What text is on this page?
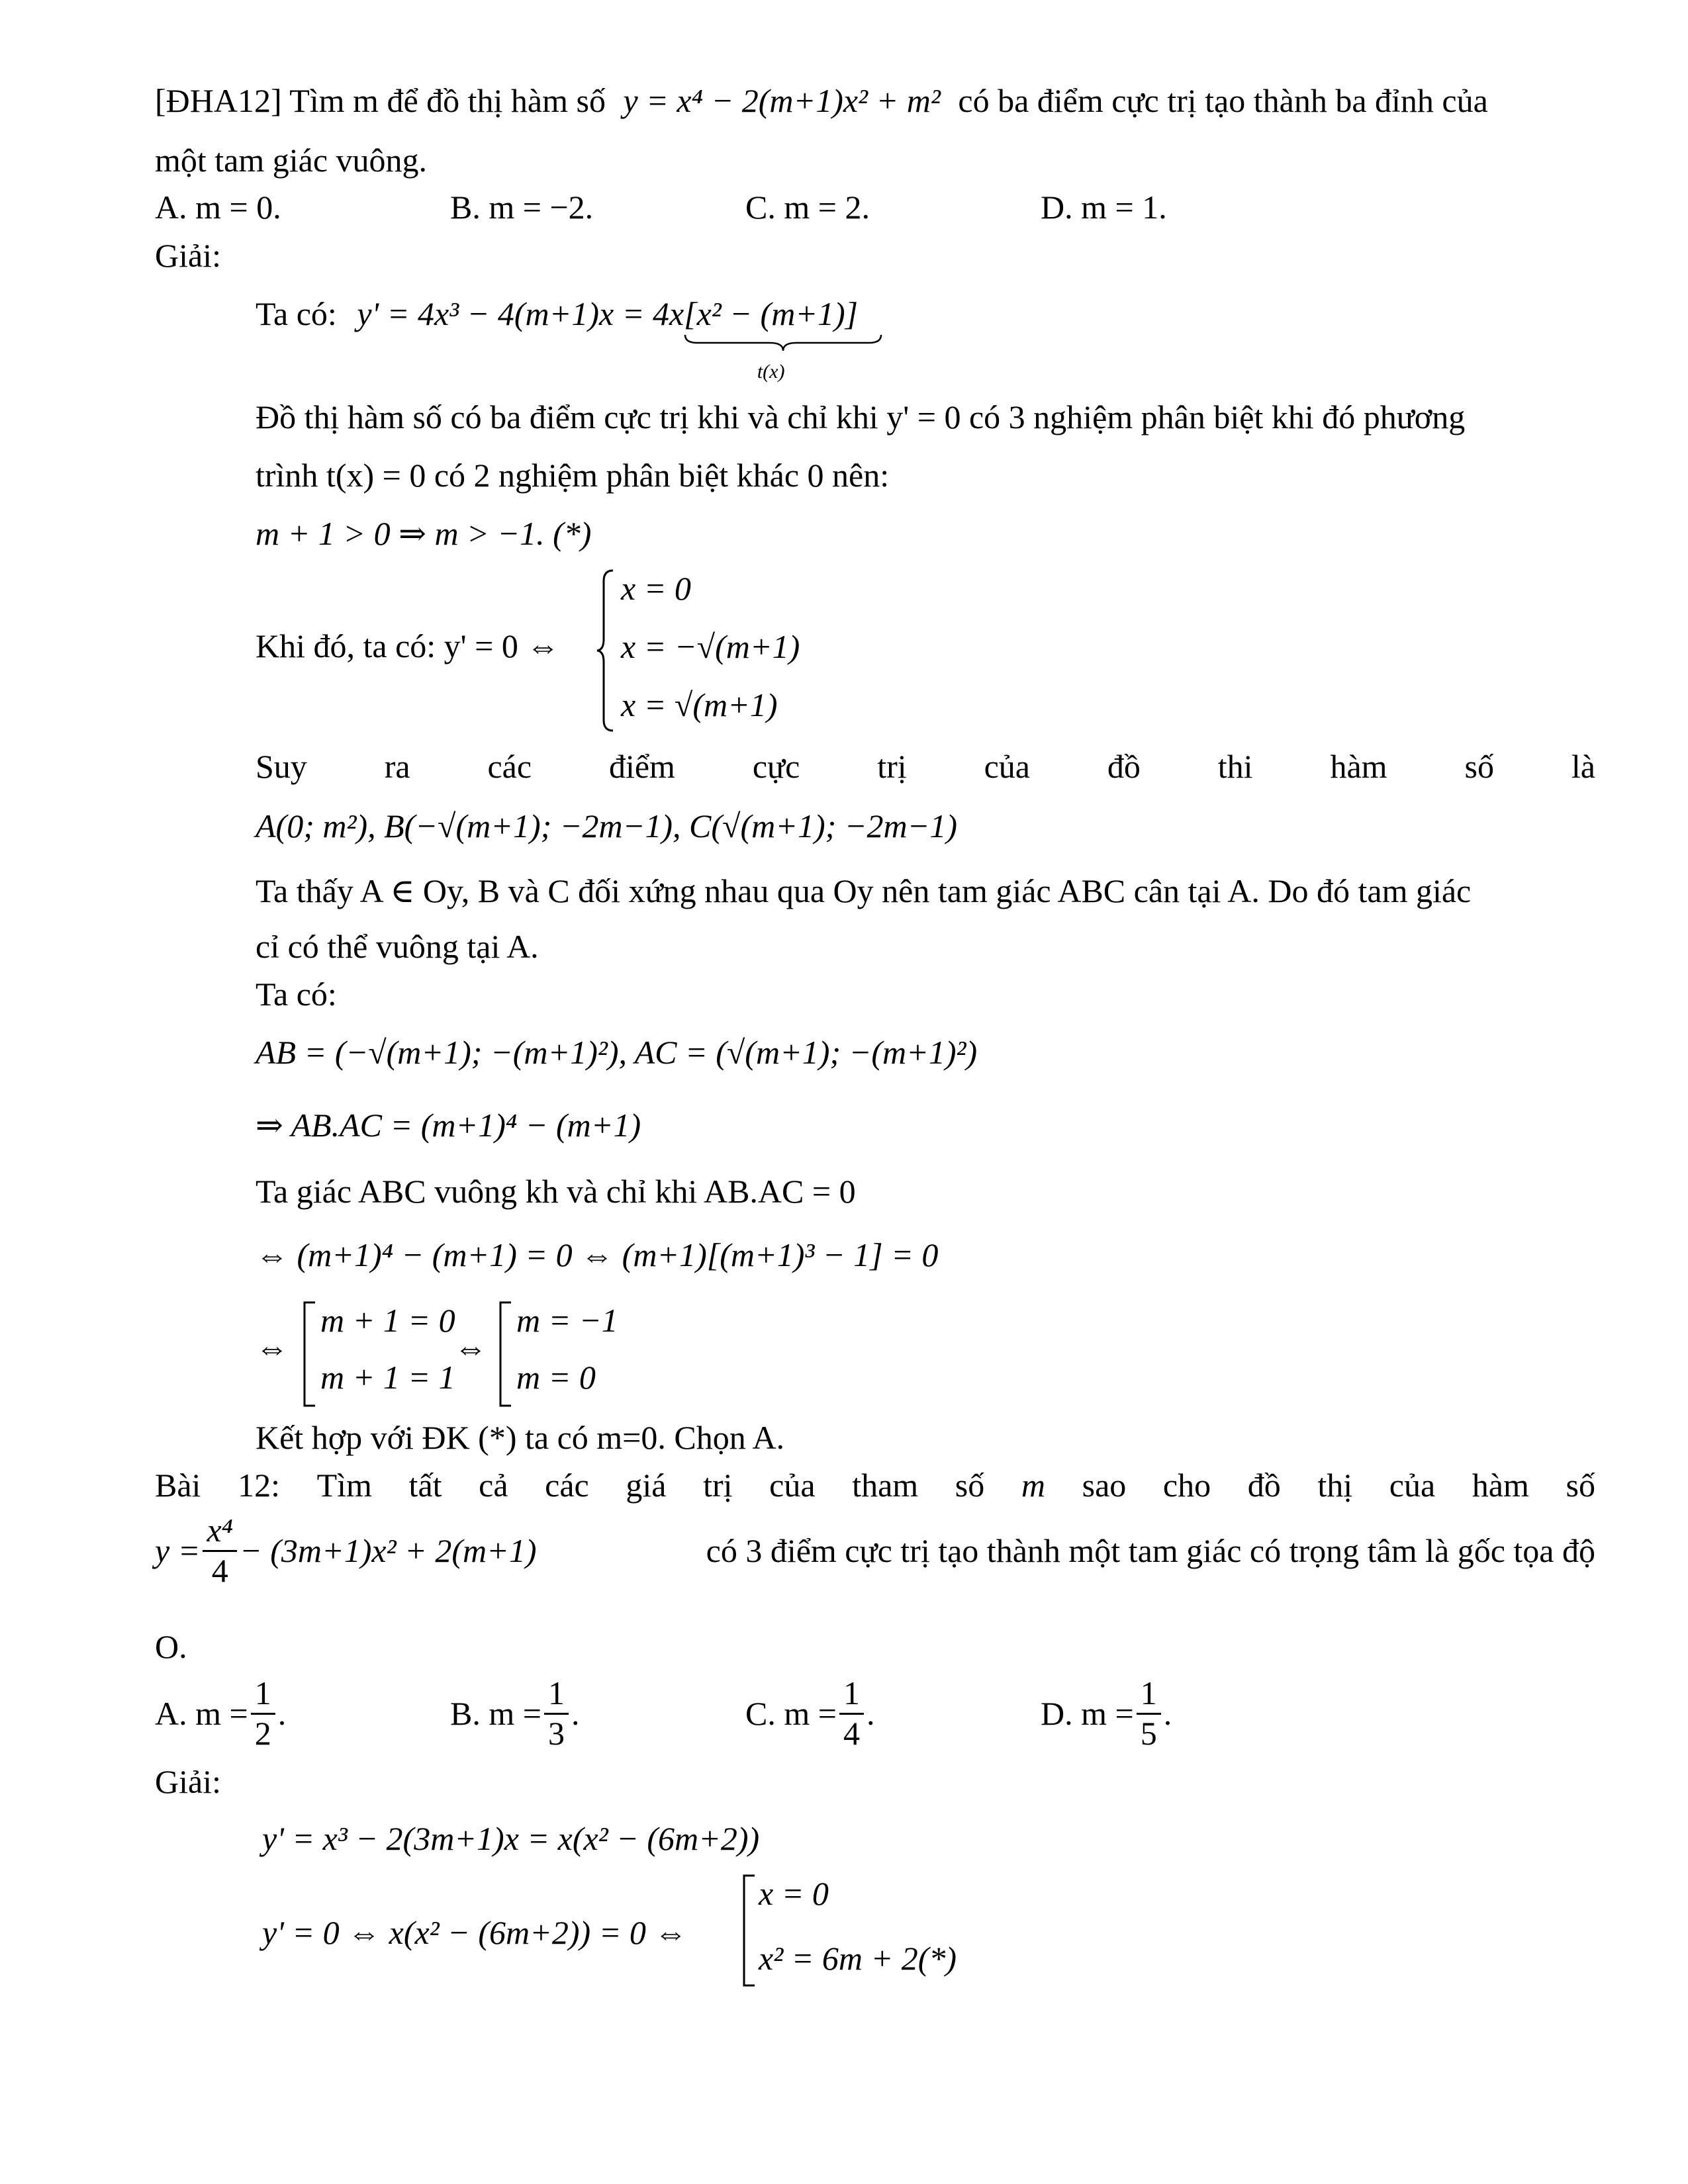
[ĐHA12] Tìm m để đồ thị hàm số y = x⁴ − 2(m+1)x² + m² có ba điểm cực trị tạo thành ba đỉnh của
một tam giác vuông.
A. m = 0.	B. m = −2.	C. m = 2.	D. m = 1.
Giải:
Ta có: y' = 4x³ − 4(m+1)x = 4x[x² − (m+1)]
t(x)
Đồ thị hàm số có ba điểm cực trị khi và chỉ khi y' = 0 có 3 nghiệm phân biệt khi đó phương
trình t(x) = 0 có 2 nghiệm phân biệt khác 0 nên:
m + 1 > 0 ⇒ m > −1. (*)
Khi đó, ta có: y' = 0 ⇔
x = 0
x = −√(m+1)
x = √(m+1)
Suy ra các điểm cực trị của đồ thi hàm số là
A(0; m²), B(−√(m+1); −2m−1), C(√(m+1); −2m−1)
Ta thấy A ∈ Oy, B và C đối xứng nhau qua Oy nên tam giác ABC cân tại A. Do đó tam giác
cỉ có thể vuông tại A.
Ta có:
AB = (−√(m+1); −(m+1)²), AC = (√(m+1); −(m+1)²)
⇒ AB.AC = (m+1)⁴ − (m+1)
Ta giác ABC vuông kh và chỉ khi AB.AC = 0
⇔ (m+1)⁴ − (m+1) = 0 ⇔ (m+1)[(m+1)³ − 1] = 0
⇔
m + 1 = 0
m + 1 = 1
⇔
m = −1
m = 0
Kết hợp với ĐK (*) ta có m=0. Chọn A.
Bài 12: Tìm tất cả các giá trị của tham số m sao cho đồ thị của hàm số
$y = \frac{\text{x⁴}}{4} - (3m+1)x^2 + 2(m+1)$	có 3 điểm cực trị tạo thành một tam giác có trọng tâm là gốc tọa độ
O.
A. $m = \frac{1}{2}$ .	B. $m = \frac{1}{3}$ .	C. $m = \frac{1}{4}$ .	D. $m = \frac{1}{5}$ .
Giải:
y' = x³ − 2(3m+1)x = x(x² − (6m+2))
y' = 0 ⇔ x(x² − (6m+2)) = 0 ⇔
x = 0
x² = 6m + 2(*)
